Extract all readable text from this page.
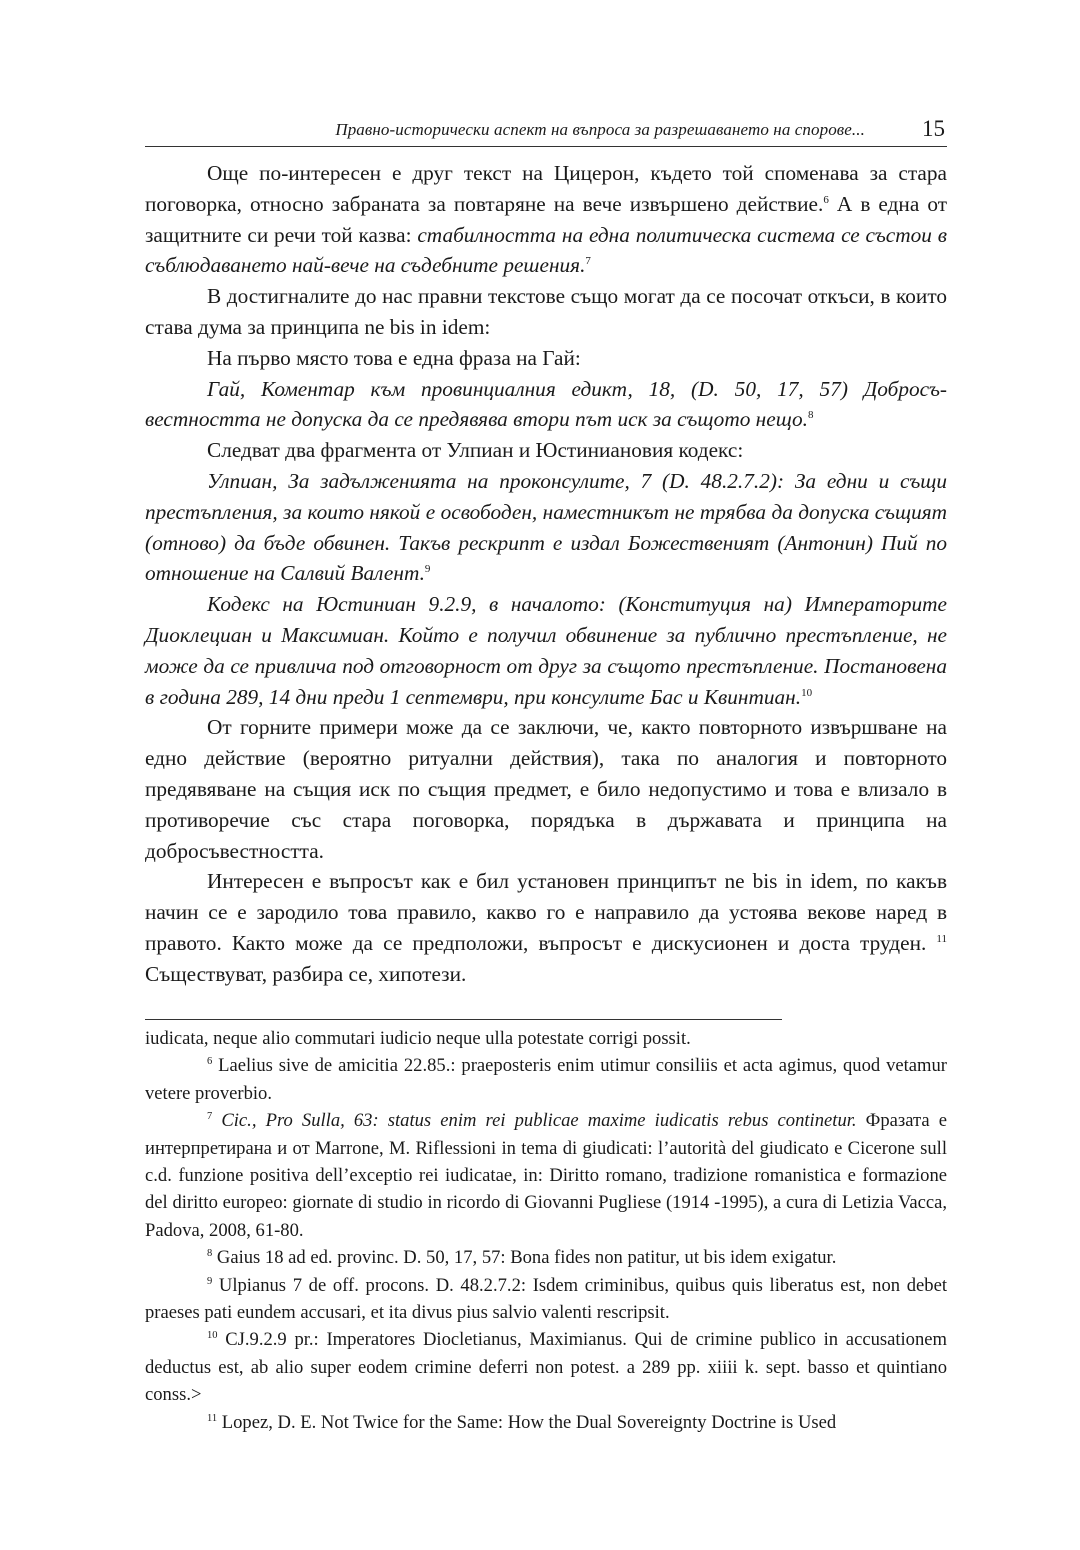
Правно-исторически аспект на въпроса за разрешаването на спорове... 15

Още по-интересен е друг текст на Цицерон, където той споменава за стара поговорка, относно забраната за повтаряне на вече извършено действие.$^6$ А в една от защитните си речи той казва: стабилността на една политическа система се състои в съблюдаването най-вече на съдебните решения.$^7$

В достигналите до нас правни текстове също могат да се посочат откъси, в които става дума за принципа ne bis in idem:

На първо място това е една фраза на Гай:

Гай, Коментар към провинциалния едикт, 18, (D. 50, 17, 57) Добросъвестността не допуска да се предявява втори път иск за същото нещо.$^8$

Следват два фрагмента от Улпиан и Юстиниановия кодекс:

Улпиан, За задълженията на проконсулите, 7 (D. 48.2.7.2): За едни и същи престъпления, за които някой е освободен, наместникът не трябва да допуска същият (отново) да бъде обвинен. Такъв рескрипт е издал Божественият (Антонин) Пий по отношение на Салвий Валент.$^9$

Кодекс на Юстиниан 9.2.9, в началото: (Конституция на) Императорите Диоклециан и Максимиан. Който е получил обвинение за публично престъпление, не може да се привлича под отговорност от друг за същото престъпление. Постановена в година 289, 14 дни преди 1 септември, при консулите Бас и Квинтиан.$^{10}$

От горните примери може да се заключи, че, както повторното извършване на едно действие (вероятно ритуални действия), така по аналогия и повторното предявяване на същия иск по същия предмет, е било недопустимо и това е влизало в противоречие със стара поговорка, порядъка в държавата и принципа на добросъвестността.

Интересен е въпросът как е бил установен принципът ne bis in idem, по какъв начин се е зародило това правило, какво го е направило да устоява векове наред в правото. Както може да се предположи, въпросът е дискусионен и доста труден. $^{11}$ Съществуват, разбира се, хипотези.

iudicata, neque alio commutari iudicio neque ulla potestate corrigi possit.

$^6$ Laelius sive de amicitia 22.85.: praeposteris enim utimur consiliis et acta agimus, quod vetamur vetere proverbio.

$^7$ Cic., Pro Sulla, 63: status enim rei publicae maxime iudicatis rebus continetur. Фразата е интерпретирана и от Marrone, M. Riflessioni in tema di giudicati: l’autorità del giudicato e Cicerone sull c.d. funzione positiva dell’exceptio rei iudicatae, in: Diritto romano, tradizione romanistica e formazione del diritto europeo: giornate di studio in ricordo di Giovanni Pugliese (1914 -1995), a cura di Letizia Vacca, Padova, 2008, 61-80.

$^8$ Gaius 18 ad ed. provinc. D. 50, 17, 57: Bona fides non patitur, ut bis idem exigatur.

$^9$ Ulpianus 7 de off. procons. D. 48.2.7.2: Isdem criminibus, quibus quis liberatus est, non debet praeses pati eundem accusari, et ita divus pius salvio valenti rescripsit.

$^{10}$ CJ.9.2.9 pr.: Imperatores Diocletianus, Maximianus. Qui de crimine publico in accusationem deductus est, ab alio super eodem crimine deferri non potest. a 289 pp. xiiii k. sept. basso et quintiano conss.>

$^{11}$ Lopez, D. E. Not Twice for the Same: How the Dual Sovereignty Doctrine is Used
